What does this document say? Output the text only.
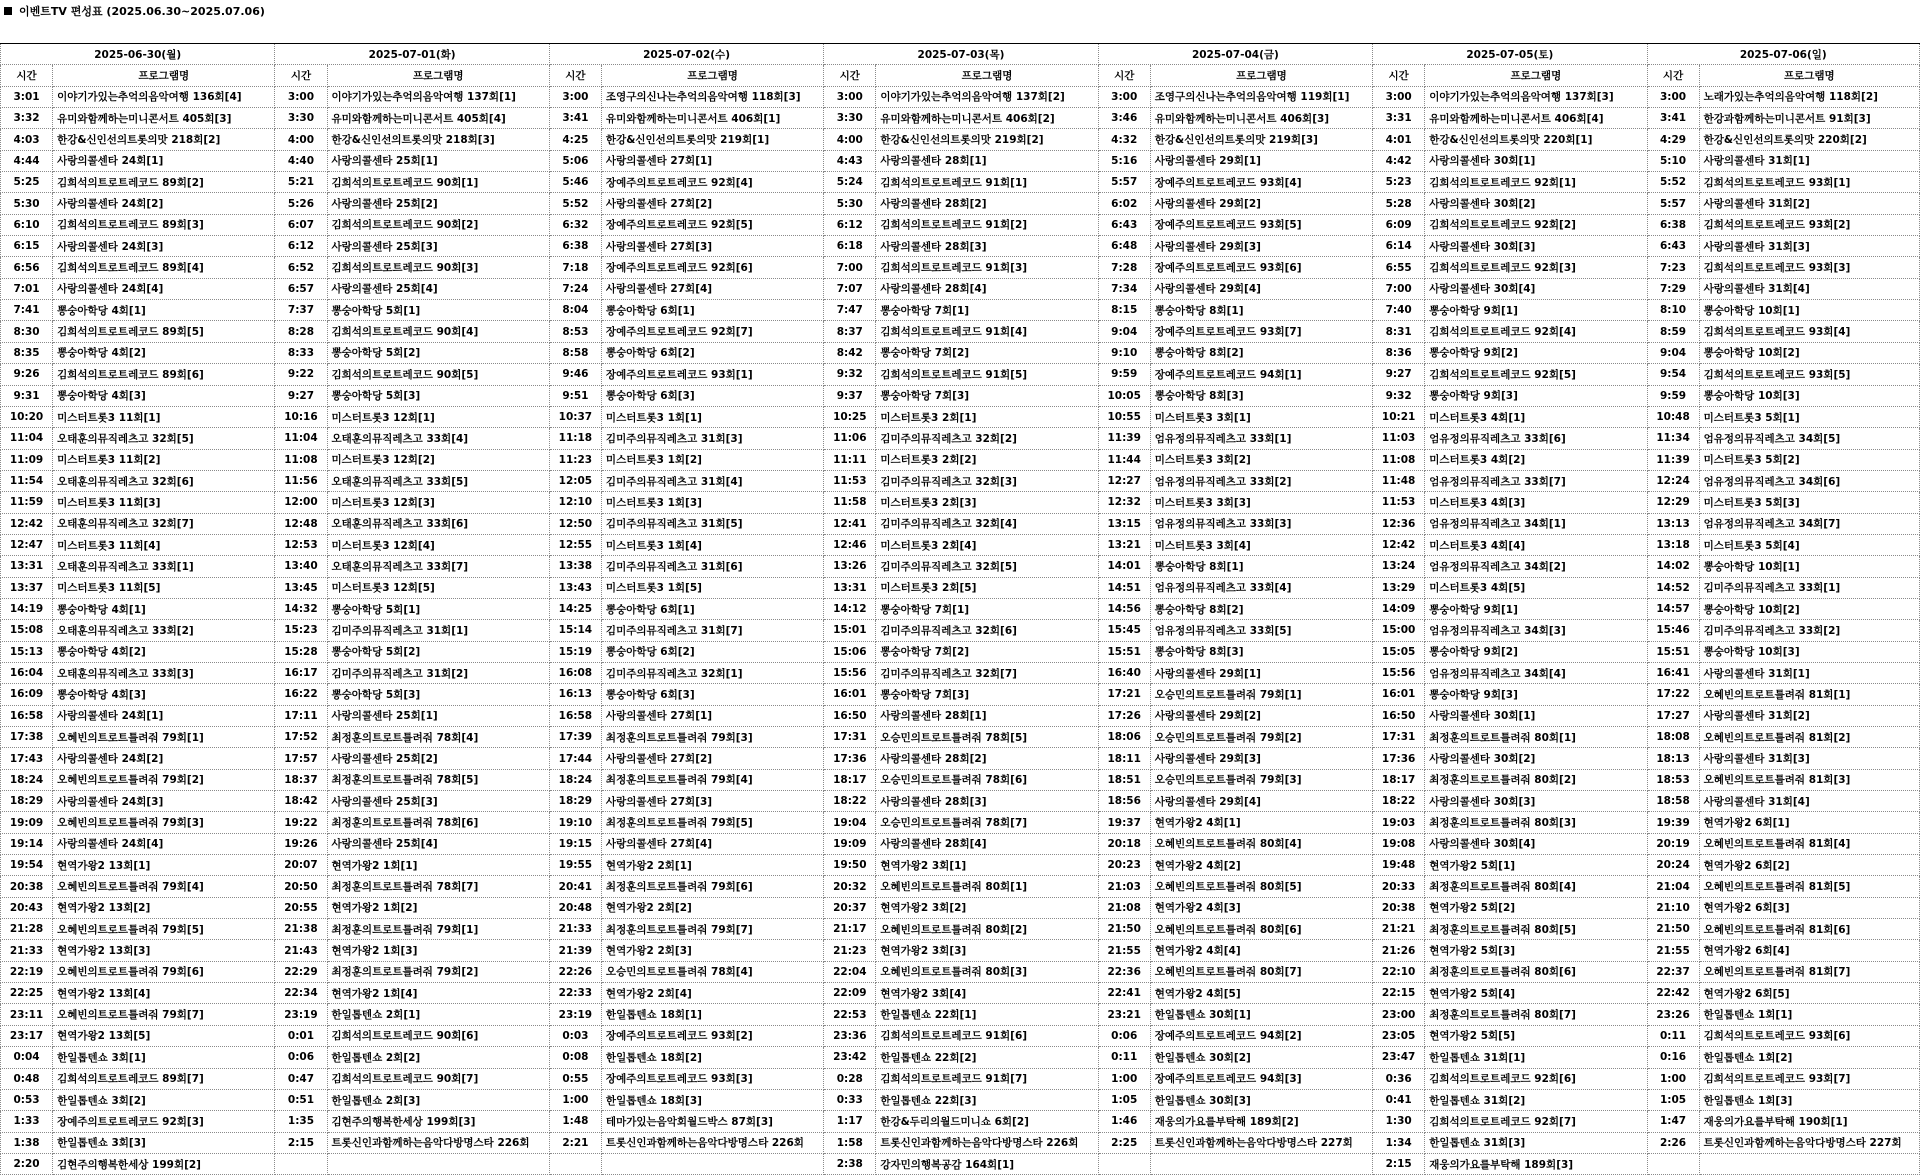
이벤트TV 편성표 (2025.06.30~2025.07.06)
2025-06-30(월)		2025-07-01(화)		2025-07-02(수)		2025-07-03(목)		2025-07-04(금)		2025-07-05(토)		2025-07-06(일)	
시간	프로그램명	시간	프로그램명	시간	프로그램명	시간	프로그램명	시간	프로그램명	시간	프로그램명	시간	프로그램명
3:01	이야기가있는추억의음악여행 136회[4]	3:00	이야기가있는추억의음악여행 137회[1]	3:00	조영구의신나는추억의음악여행 118회[3]	3:00	이야기가있는추억의음악여행 137회[2]	3:00	조영구의신나는추억의음악여행 119회[1]	3:00	이야기가있는추억의음악여행 137회[3]	3:00	노래가있는추억의음악여행 118회[2]
3:32	유미와함께하는미니콘서트 405회[3]	3:30	유미와함께하는미니콘서트 405회[4]	3:41	유미와함께하는미니콘서트 406회[1]	3:30	유미와함께하는미니콘서트 406회[2]	3:46	유미와함께하는미니콘서트 406회[3]	3:31	유미와함께하는미니콘서트 406회[4]	3:41	한강과함께하는미니콘서트 91회[3]
4:03	한강&신인선의트롯의맛 218회[2]	4:00	한강&신인선의트롯의맛 218회[3]	4:25	한강&신인선의트롯의맛 219회[1]	4:00	한강&신인선의트롯의맛 219회[2]	4:32	한강&신인선의트롯의맛 219회[3]	4:01	한강&신인선의트롯의맛 220회[1]	4:29	한강&신인선의트롯의맛 220회[2]
4:44	사랑의콜센타 24회[1]	4:40	사랑의콜센타 25회[1]	5:06	사랑의콜센타 27회[1]	4:43	사랑의콜센타 28회[1]	5:16	사랑의콜센타 29회[1]	4:42	사랑의콜센타 30회[1]	5:10	사랑의콜센타 31회[1]
5:25	김희석의트로트레코드 89회[2]	5:21	김희석의트로트레코드 90회[1]	5:46	장예주의트로트레코드 92회[4]	5:24	김희석의트로트레코드 91회[1]	5:57	장예주의트로트레코드 93회[4]	5:23	김희석의트로트레코드 92회[1]	5:52	김희석의트로트레코드 93회[1]
5:30	사랑의콜센타 24회[2]	5:26	사랑의콜센타 25회[2]	5:52	사랑의콜센타 27회[2]	5:30	사랑의콜센타 28회[2]	6:02	사랑의콜센타 29회[2]	5:28	사랑의콜센타 30회[2]	5:57	사랑의콜센타 31회[2]
6:10	김희석의트로트레코드 89회[3]	6:07	김희석의트로트레코드 90회[2]	6:32	장예주의트로트레코드 92회[5]	6:12	김희석의트로트레코드 91회[2]	6:43	장예주의트로트레코드 93회[5]	6:09	김희석의트로트레코드 92회[2]	6:38	김희석의트로트레코드 93회[2]
6:15	사랑의콜센타 24회[3]	6:12	사랑의콜센타 25회[3]	6:38	사랑의콜센타 27회[3]	6:18	사랑의콜센타 28회[3]	6:48	사랑의콜센타 29회[3]	6:14	사랑의콜센타 30회[3]	6:43	사랑의콜센타 31회[3]
6:56	김희석의트로트레코드 89회[4]	6:52	김희석의트로트레코드 90회[3]	7:18	장예주의트로트레코드 92회[6]	7:00	김희석의트로트레코드 91회[3]	7:28	장예주의트로트레코드 93회[6]	6:55	김희석의트로트레코드 92회[3]	7:23	김희석의트로트레코드 93회[3]
7:01	사랑의콜센타 24회[4]	6:57	사랑의콜센타 25회[4]	7:24	사랑의콜센타 27회[4]	7:07	사랑의콜센타 28회[4]	7:34	사랑의콜센타 29회[4]	7:00	사랑의콜센타 30회[4]	7:29	사랑의콜센타 31회[4]
7:41	뽕숭아학당 4회[1]	7:37	뽕숭아학당 5회[1]	8:04	뽕숭아학당 6회[1]	7:47	뽕숭아학당 7회[1]	8:15	뽕숭아학당 8회[1]	7:40	뽕숭아학당 9회[1]	8:10	뽕숭아학당 10회[1]
8:30	김희석의트로트레코드 89회[5]	8:28	김희석의트로트레코드 90회[4]	8:53	장예주의트로트레코드 92회[7]	8:37	김희석의트로트레코드 91회[4]	9:04	장예주의트로트레코드 93회[7]	8:31	김희석의트로트레코드 92회[4]	8:59	김희석의트로트레코드 93회[4]
8:35	뽕숭아학당 4회[2]	8:33	뽕숭아학당 5회[2]	8:58	뽕숭아학당 6회[2]	8:42	뽕숭아학당 7회[2]	9:10	뽕숭아학당 8회[2]	8:36	뽕숭아학당 9회[2]	9:04	뽕숭아학당 10회[2]
9:26	김희석의트로트레코드 89회[6]	9:22	김희석의트로트레코드 90회[5]	9:46	장예주의트로트레코드 93회[1]	9:32	김희석의트로트레코드 91회[5]	9:59	장예주의트로트레코드 94회[1]	9:27	김희석의트로트레코드 92회[5]	9:54	김희석의트로트레코드 93회[5]
9:31	뽕숭아학당 4회[3]	9:27	뽕숭아학당 5회[3]	9:51	뽕숭아학당 6회[3]	9:37	뽕숭아학당 7회[3]	10:05	뽕숭아학당 8회[3]	9:32	뽕숭아학당 9회[3]	9:59	뽕숭아학당 10회[3]
10:20	미스터트롯3 11회[1]	10:16	미스터트롯3 12회[1]	10:37	미스터트롯3 1회[1]	10:25	미스터트롯3 2회[1]	10:55	미스터트롯3 3회[1]	10:21	미스터트롯3 4회[1]	10:48	미스터트롯3 5회[1]
11:04	오태훈의뮤직레츠고 32회[5]	11:04	오태훈의뮤직레츠고 33회[4]	11:18	김미주의뮤직레츠고 31회[3]	11:06	김미주의뮤직레츠고 32회[2]	11:39	엄유정의뮤직레츠고 33회[1]	11:03	엄유정의뮤직레츠고 33회[6]	11:34	엄유정의뮤직레츠고 34회[5]
11:09	미스터트롯3 11회[2]	11:08	미스터트롯3 12회[2]	11:23	미스터트롯3 1회[2]	11:11	미스터트롯3 2회[2]	11:44	미스터트롯3 3회[2]	11:08	미스터트롯3 4회[2]	11:39	미스터트롯3 5회[2]
11:54	오태훈의뮤직레츠고 32회[6]	11:56	오태훈의뮤직레츠고 33회[5]	12:05	김미주의뮤직레츠고 31회[4]	11:53	김미주의뮤직레츠고 32회[3]	12:27	엄유정의뮤직레츠고 33회[2]	11:48	엄유정의뮤직레츠고 33회[7]	12:24	엄유정의뮤직레츠고 34회[6]
11:59	미스터트롯3 11회[3]	12:00	미스터트롯3 12회[3]	12:10	미스터트롯3 1회[3]	11:58	미스터트롯3 2회[3]	12:32	미스터트롯3 3회[3]	11:53	미스터트롯3 4회[3]	12:29	미스터트롯3 5회[3]
12:42	오태훈의뮤직레츠고 32회[7]	12:48	오태훈의뮤직레츠고 33회[6]	12:50	김미주의뮤직레츠고 31회[5]	12:41	김미주의뮤직레츠고 32회[4]	13:15	엄유정의뮤직레츠고 33회[3]	12:36	엄유정의뮤직레츠고 34회[1]	13:13	엄유정의뮤직레츠고 34회[7]
12:47	미스터트롯3 11회[4]	12:53	미스터트롯3 12회[4]	12:55	미스터트롯3 1회[4]	12:46	미스터트롯3 2회[4]	13:21	미스터트롯3 3회[4]	12:42	미스터트롯3 4회[4]	13:18	미스터트롯3 5회[4]
13:31	오태훈의뮤직레츠고 33회[1]	13:40	오태훈의뮤직레츠고 33회[7]	13:38	김미주의뮤직레츠고 31회[6]	13:26	김미주의뮤직레츠고 32회[5]	14:01	뽕숭아학당 8회[1]	13:24	엄유정의뮤직레츠고 34회[2]	14:02	뽕숭아학당 10회[1]
13:37	미스터트롯3 11회[5]	13:45	미스터트롯3 12회[5]	13:43	미스터트롯3 1회[5]	13:31	미스터트롯3 2회[5]	14:51	엄유정의뮤직레츠고 33회[4]	13:29	미스터트롯3 4회[5]	14:52	김미주의뮤직레츠고 33회[1]
14:19	뽕숭아학당 4회[1]	14:32	뽕숭아학당 5회[1]	14:25	뽕숭아학당 6회[1]	14:12	뽕숭아학당 7회[1]	14:56	뽕숭아학당 8회[2]	14:09	뽕숭아학당 9회[1]	14:57	뽕숭아학당 10회[2]
15:08	오태훈의뮤직레츠고 33회[2]	15:23	김미주의뮤직레츠고 31회[1]	15:14	김미주의뮤직레츠고 31회[7]	15:01	김미주의뮤직레츠고 32회[6]	15:45	엄유정의뮤직레츠고 33회[5]	15:00	엄유정의뮤직레츠고 34회[3]	15:46	김미주의뮤직레츠고 33회[2]
15:13	뽕숭아학당 4회[2]	15:28	뽕숭아학당 5회[2]	15:19	뽕숭아학당 6회[2]	15:06	뽕숭아학당 7회[2]	15:51	뽕숭아학당 8회[3]	15:05	뽕숭아학당 9회[2]	15:51	뽕숭아학당 10회[3]
16:04	오태훈의뮤직레츠고 33회[3]	16:17	김미주의뮤직레츠고 31회[2]	16:08	김미주의뮤직레츠고 32회[1]	15:56	김미주의뮤직레츠고 32회[7]	16:40	사랑의콜센타 29회[1]	15:56	엄유정의뮤직레츠고 34회[4]	16:41	사랑의콜센타 31회[1]
16:09	뽕숭아학당 4회[3]	16:22	뽕숭아학당 5회[3]	16:13	뽕숭아학당 6회[3]	16:01	뽕숭아학당 7회[3]	17:21	오승민의트로트틀려줘 79회[1]	16:01	뽕숭아학당 9회[3]	17:22	오혜빈의트로트틀려줘 81회[1]
16:58	사랑의콜센타 24회[1]	17:11	사랑의콜센타 25회[1]	16:58	사랑의콜센타 27회[1]	16:50	사랑의콜센타 28회[1]	17:26	사랑의콜센타 29회[2]	16:50	사랑의콜센타 30회[1]	17:27	사랑의콜센타 31회[2]
17:38	오혜빈의트로트틀려줘 79회[1]	17:52	최정훈의트로트틀려줘 78회[4]	17:39	최정훈의트로트틀려줘 79회[3]	17:31	오승민의트로트틀려줘 78회[5]	18:06	오승민의트로트틀려줘 79회[2]	17:31	최정훈의트로트틀려줘 80회[1]	18:08	오혜빈의트로트틀려줘 81회[2]
17:43	사랑의콜센타 24회[2]	17:57	사랑의콜센타 25회[2]	17:44	사랑의콜센타 27회[2]	17:36	사랑의콜센타 28회[2]	18:11	사랑의콜센타 29회[3]	17:36	사랑의콜센타 30회[2]	18:13	사랑의콜센타 31회[3]
18:24	오혜빈의트로트틀려줘 79회[2]	18:37	최정훈의트로트틀려줘 78회[5]	18:24	최정훈의트로트틀려줘 79회[4]	18:17	오승민의트로트틀려줘 78회[6]	18:51	오승민의트로트틀려줘 79회[3]	18:17	최정훈의트로트틀려줘 80회[2]	18:53	오혜빈의트로트틀려줘 81회[3]
18:29	사랑의콜센타 24회[3]	18:42	사랑의콜센타 25회[3]	18:29	사랑의콜센타 27회[3]	18:22	사랑의콜센타 28회[3]	18:56	사랑의콜센타 29회[4]	18:22	사랑의콜센타 30회[3]	18:58	사랑의콜센타 31회[4]
19:09	오혜빈의트로트틀려줘 79회[3]	19:22	최정훈의트로트틀려줘 78회[6]	19:10	최정훈의트로트틀려줘 79회[5]	19:04	오승민의트로트틀려줘 78회[7]	19:37	현역가왕2 4회[1]	19:03	최정훈의트로트틀려줘 80회[3]	19:39	현역가왕2 6회[1]
19:14	사랑의콜센타 24회[4]	19:26	사랑의콜센타 25회[4]	19:15	사랑의콜센타 27회[4]	19:09	사랑의콜센타 28회[4]	20:18	오혜빈의트로트틀려줘 80회[4]	19:08	사랑의콜센타 30회[4]	20:19	오혜빈의트로트틀려줘 81회[4]
19:54	현역가왕2 13회[1]	20:07	현역가왕2 1회[1]	19:55	현역가왕2 2회[1]	19:50	현역가왕2 3회[1]	20:23	현역가왕2 4회[2]	19:48	현역가왕2 5회[1]	20:24	현역가왕2 6회[2]
20:38	오혜빈의트로트틀려줘 79회[4]	20:50	최정훈의트로트틀려줘 78회[7]	20:41	최정훈의트로트틀려줘 79회[6]	20:32	오혜빈의트로트틀려줘 80회[1]	21:03	오혜빈의트로트틀려줘 80회[5]	20:33	최정훈의트로트틀려줘 80회[4]	21:04	오혜빈의트로트틀려줘 81회[5]
20:43	현역가왕2 13회[2]	20:55	현역가왕2 1회[2]	20:48	현역가왕2 2회[2]	20:37	현역가왕2 3회[2]	21:08	현역가왕2 4회[3]	20:38	현역가왕2 5회[2]	21:10	현역가왕2 6회[3]
21:28	오혜빈의트로트틀려줘 79회[5]	21:38	최정훈의트로트틀려줘 79회[1]	21:33	최정훈의트로트틀려줘 79회[7]	21:17	오혜빈의트로트틀려줘 80회[2]	21:50	오혜빈의트로트틀려줘 80회[6]	21:21	최정훈의트로트틀려줘 80회[5]	21:50	오혜빈의트로트틀려줘 81회[6]
21:33	현역가왕2 13회[3]	21:43	현역가왕2 1회[3]	21:39	현역가왕2 2회[3]	21:23	현역가왕2 3회[3]	21:55	현역가왕2 4회[4]	21:26	현역가왕2 5회[3]	21:55	현역가왕2 6회[4]
22:19	오혜빈의트로트틀려줘 79회[6]	22:29	최정훈의트로트틀려줘 79회[2]	22:26	오승민의트로트틀려줘 78회[4]	22:04	오혜빈의트로트틀려줘 80회[3]	22:36	오혜빈의트로트틀려줘 80회[7]	22:10	최정훈의트로트틀려줘 80회[6]	22:37	오혜빈의트로트틀려줘 81회[7]
22:25	현역가왕2 13회[4]	22:34	현역가왕2 1회[4]	22:33	현역가왕2 2회[4]	22:09	현역가왕2 3회[4]	22:41	현역가왕2 4회[5]	22:15	현역가왕2 5회[4]	22:42	현역가왕2 6회[5]
23:11	오혜빈의트로트틀려줘 79회[7]	23:19	한일톱텐쇼 2회[1]	23:19	한일톱텐쇼 18회[1]	22:53	한일톱텐쇼 22회[1]	23:21	한일톱텐쇼 30회[1]	23:00	최정훈의트로트틀려줘 80회[7]	23:26	한일톱텐쇼 1회[1]
23:17	현역가왕2 13회[5]	0:01	김희석의트로트레코드 90회[6]	0:03	장예주의트로트레코드 93회[2]	23:36	김희석의트로트레코드 91회[6]	0:06	장예주의트로트레코드 94회[2]	23:05	현역가왕2 5회[5]	0:11	김희석의트로트레코드 93회[6]
0:04	한일톱텐쇼 3회[1]	0:06	한일톱텐쇼 2회[2]	0:08	한일톱텐쇼 18회[2]	23:42	한일톱텐쇼 22회[2]	0:11	한일톱텐쇼 30회[2]	23:47	한일톱텐쇼 31회[1]	0:16	한일톱텐쇼 1회[2]
0:48	김희석의트로트레코드 89회[7]	0:47	김희석의트로트레코드 90회[7]	0:55	장예주의트로트레코드 93회[3]	0:28	김희석의트로트레코드 91회[7]	1:00	장예주의트로트레코드 94회[3]	0:36	김희석의트로트레코드 92회[6]	1:00	김희석의트로트레코드 93회[7]
0:53	한일톱텐쇼 3회[2]	0:51	한일톱텐쇼 2회[3]	1:00	한일톱텐쇼 18회[3]	0:33	한일톱텐쇼 22회[3]	1:05	한일톱텐쇼 30회[3]	0:41	한일톱텐쇼 31회[2]	1:05	한일톱텐쇼 1회[3]
1:33	장예주의트로트레코드 92회[3]	1:35	김현주의행복한세상 199회[3]	1:48	테마가있는음악회월드박스 87회[3]	1:17	한강&두리의월드미니쇼 6회[2]	1:46	재웅의가요를부탁해 189회[2]	1:30	김희석의트로트레코드 92회[7]	1:47	재웅의가요를부탁해 190회[1]
1:38	한일톱텐쇼 3회[3]	2:15	트롯신인과함께하는음악다방명스타 226회	2:21	트롯신인과함께하는음악다방명스타 226회	1:58	트롯신인과함께하는음악다방명스타 226회	2:25	트롯신인과함께하는음악다방명스타 227회	1:34	한일톱텐쇼 31회[3]	2:26	트롯신인과함께하는음악다방명스타 227회
2:20	김현주의행복한세상 199회[2]					2:38	강자민의행복공감 164회[1]			2:15	재웅의가요를부탁해 189회[3]		
